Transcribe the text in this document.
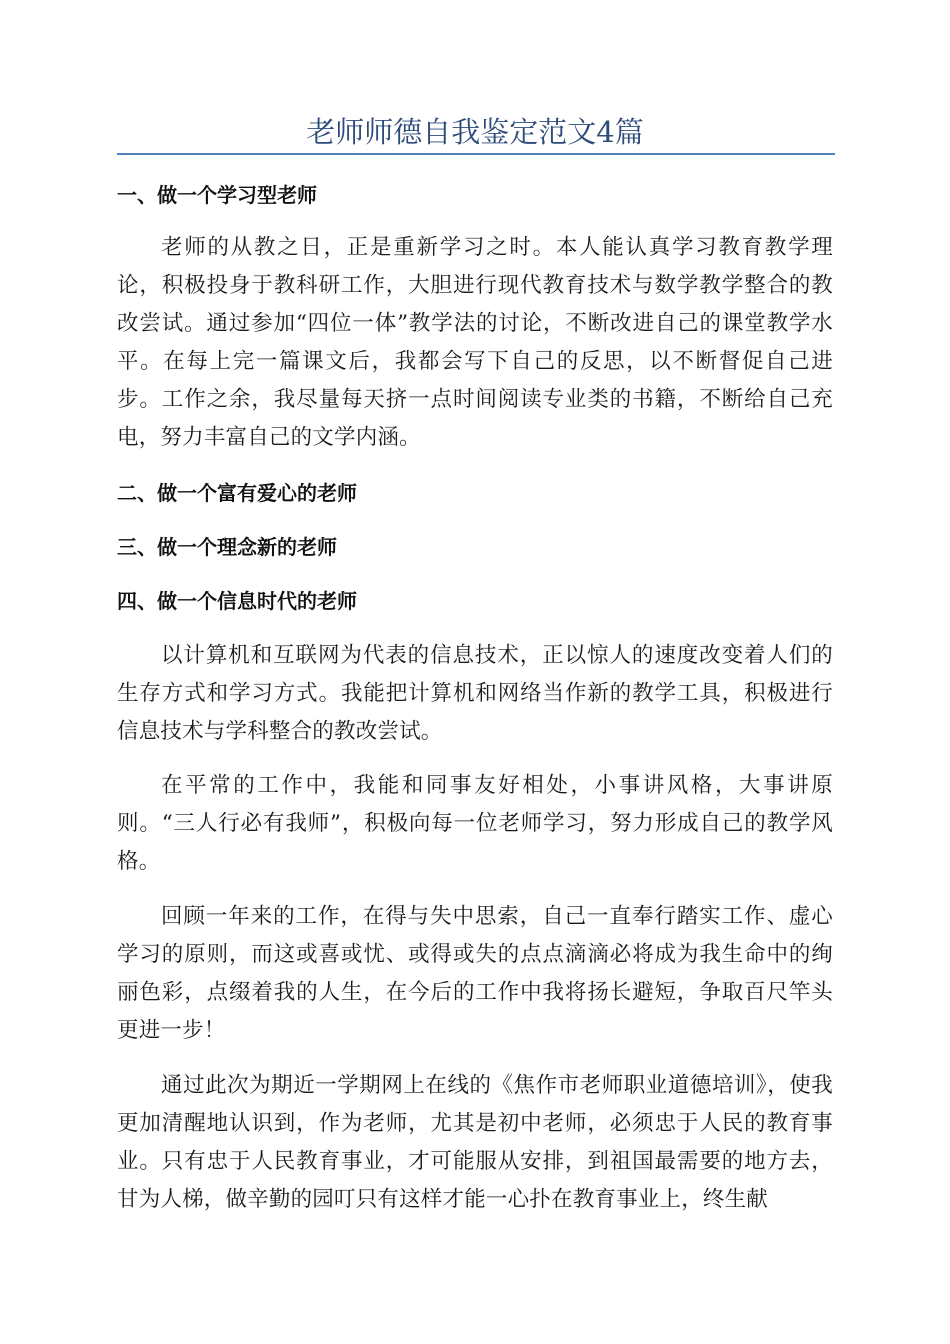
老师师德自我鉴定范文4篇
一、做一个学习型老师

老师的从教之日，正是重新学习之时。本人能认真学习教育教学理论，积极投身于教科研工作，大胆进行现代教育技术与数学教学整合的教改尝试。通过参加“四位一体”教学法的讨论，不断改进自己的课堂教学水平。在每上完一篇课文后，我都会写下自己的反思，以不断督促自己进步。工作之余，我尽量每天挤一点时间阅读专业类的书籍，不断给自己充电，努力丰富自己的文学内涵。

二、做一个富有爱心的老师
三、做一个理念新的老师
四、做一个信息时代的老师

以计算机和互联网为代表的信息技术，正以惊人的速度改变着人们的生存方式和学习方式。我能把计算机和网络当作新的教学工具，积极进行信息技术与学科整合的教改尝试。

在平常的工作中，我能和同事友好相处，小事讲风格，大事讲原则。“三人行必有我师”，积极向每一位老师学习，努力形成自己的教学风格。

回顾一年来的工作，在得与失中思索，自己一直奉行踏实工作、虚心学习的原则，而这或喜或忧、或得或失的点点滴滴必将成为我生命中的绚丽色彩，点缀着我的人生，在今后的工作中我将扬长避短，争取百尺竿头更进一步！

通过此次为期近一学期网上在线的《焦作市老师职业道德培训》，使我更加清醒地认识到，作为老师，尤其是初中老师，必须忠于人民的教育事业。只有忠于人民教育事业，才可能服从安排，到祖国最需要的地方去，甘为人梯，做辛勤的园叮只有这样才能一心扑在教育事业上，终生献
